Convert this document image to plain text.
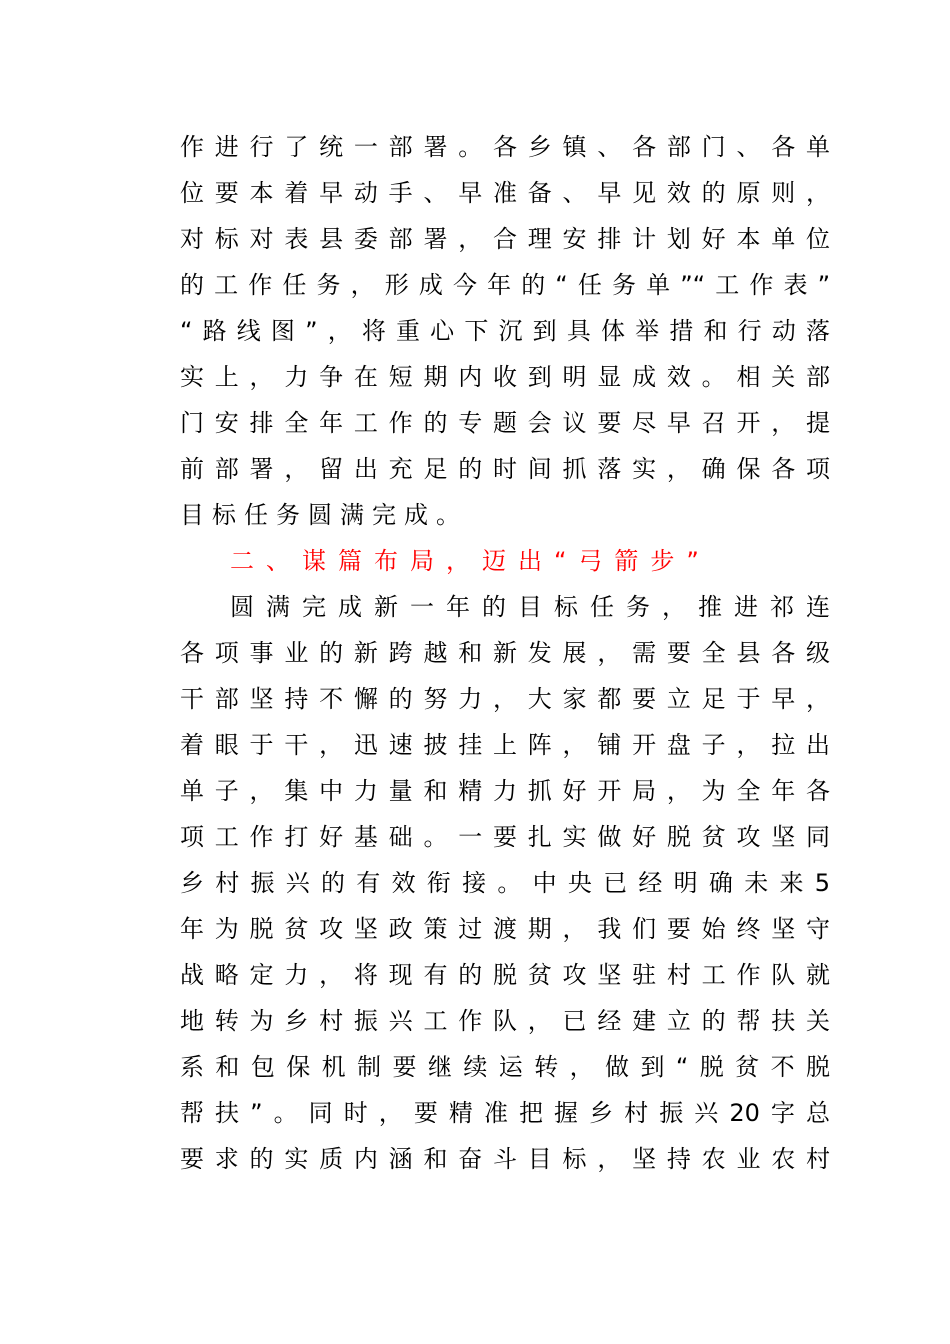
作进行了统一部署。各乡镇、各部门、各单
位要本着早动手、早准备、早见效的原则，
对标对表县委部署，合理安排计划好本单位
的工作任务，形成今年的“任务单”“工作表”
“路线图”，将重心下沉到具体举措和行动落
实上，力争在短期内收到明显成效。相关部
门安排全年工作的专题会议要尽早召开，提
前部署，留出充足的时间抓落实，确保各项
目标任务圆满完成。
二、谋篇布局，迈出“弓箭步”
圆满完成新一年的目标任务，推进祁连
各项事业的新跨越和新发展，需要全县各级
干部坚持不懈的努力，大家都要立足于早，
着眼于干，迅速披挂上阵，铺开盘子，拉出
单子，集中力量和精力抓好开局，为全年各
项工作打好基础。一要扎实做好脱贫攻坚同
乡村振兴的有效衔接。中央已经明确未来5
年为脱贫攻坚政策过渡期，我们要始终坚守
战略定力，将现有的脱贫攻坚驻村工作队就
地转为乡村振兴工作队，已经建立的帮扶关
系和包保机制要继续运转，做到“脱贫不脱
帮扶”。同时，要精准把握乡村振兴20字总
要求的实质内涵和奋斗目标，坚持农业农村
